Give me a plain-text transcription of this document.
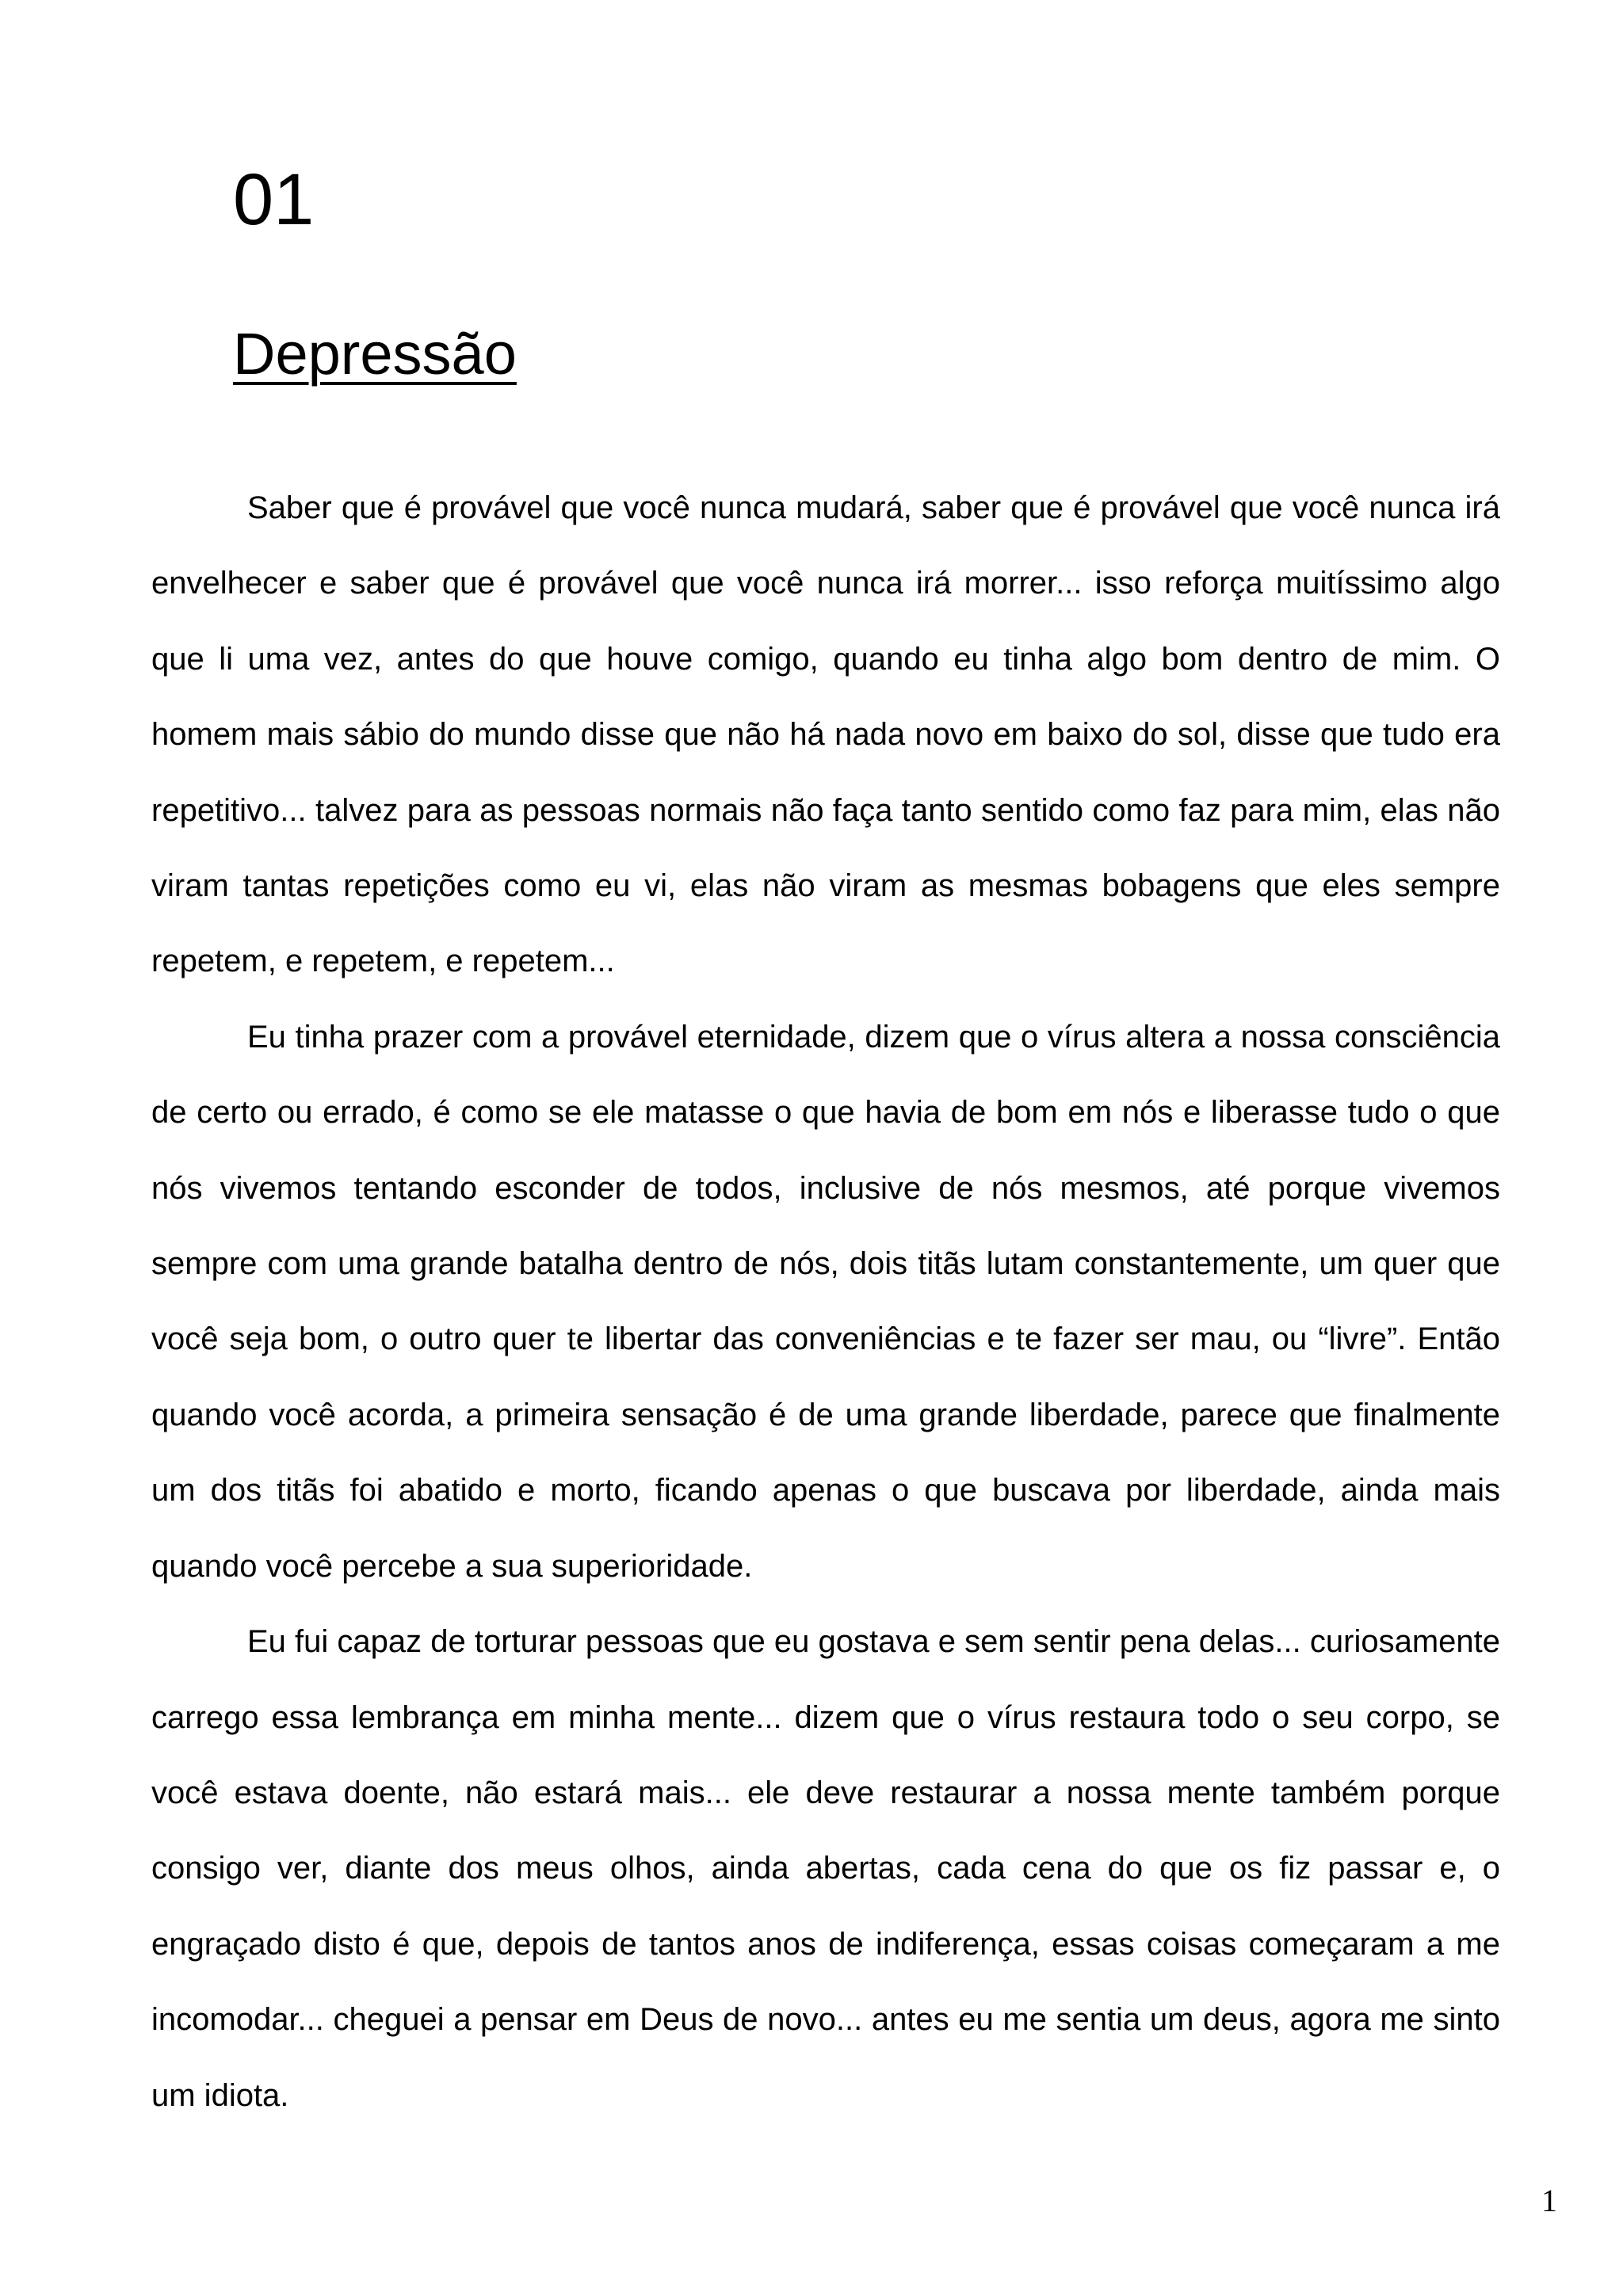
01
Depressão

Saber que é provável que você nunca mudará, saber que é provável que você nunca irá envelhecer e saber que é provável que você nunca irá morrer... isso reforça muitíssimo algo que li uma vez, antes do que houve comigo, quando eu tinha algo bom dentro de mim. O homem mais sábio do mundo disse que não há nada novo em baixo do sol, disse que tudo era repetitivo... talvez para as pessoas normais não faça tanto sentido como faz para mim, elas não viram tantas repetições como eu vi, elas não viram as mesmas bobagens que eles sempre repetem, e repetem, e repetem...

Eu tinha prazer com a provável eternidade, dizem que o vírus altera a nossa consciência de certo ou errado, é como se ele matasse o que havia de bom em nós e liberasse tudo o que nós vivemos tentando esconder de todos, inclusive de nós mesmos, até porque vivemos sempre com uma grande batalha dentro de nós, dois titãs lutam constantemente, um quer que você seja bom, o outro quer te libertar das conveniências e te fazer ser mau, ou “livre”. Então quando você acorda, a primeira sensação é de uma grande liberdade, parece que finalmente um dos titãs foi abatido e morto, ficando apenas o que buscava por liberdade, ainda mais quando você percebe a sua superioridade.

Eu fui capaz de torturar pessoas que eu gostava e sem sentir pena delas... curiosamente carrego essa lembrança em minha mente... dizem que o vírus restaura todo o seu corpo, se você estava doente, não estará mais... ele deve restaurar a nossa mente também porque consigo ver, diante dos meus olhos, ainda abertas, cada cena do que os fiz passar e, o engraçado disto é que, depois de tantos anos de indiferença, essas coisas começaram a me incomodar... cheguei a pensar em Deus de novo... antes eu me sentia um deus, agora me sinto um idiota.

1
